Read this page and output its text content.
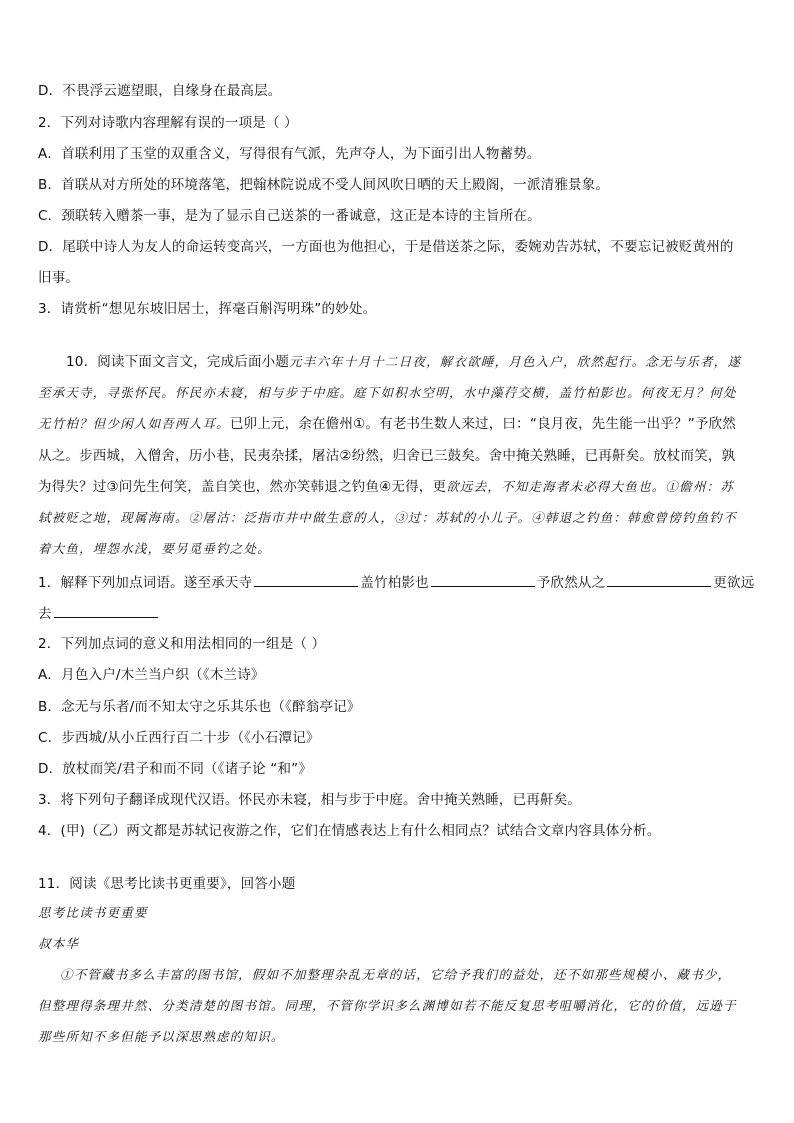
D．不畏浮云遮望眼，自缘身在最高层。
2．下列对诗歌内容理解有误的一项是（ ）
A．首联利用了玉堂的双重含义，写得很有气派，先声夺人，为下面引出人物蓄势。
B．首联从对方所处的环境落笔，把翰林院说成不受人间风吹日晒的天上殿阁，一派清雅景象。
C．颈联转入赠茶一事，是为了显示自己送茶的一番诚意，这正是本诗的主旨所在。
D．尾联中诗人为友人的命运转变高兴，一方面也为他担心，于是借送茶之际，委婉劝告苏轼，不要忘记被贬黄州的
旧事。
3．请赏析“想见东坡旧居士，挥毫百斛泻明珠”的妙处。
10．阅读下面文言文，完成后面小题元丰六年十月十二日夜，解衣欲睡，月色入户，欣然起行。念无与乐者，遂
至承天寺，寻张怀民。怀民亦未寝，相与步于中庭。庭下如积水空明，水中藻荇交横，盖竹柏影也。何夜无月？何处
无竹柏？但少闲人如吾两人耳。已卯上元，余在儋州①。有老书生数人来过，曰：“良月夜，先生能一出乎？”予欣然
从之。步西城，入僧舍，历小巷，民夷杂揉，屠沽②纷然，归舍已三鼓矣。舍中掩关熟睡，已再鼾矣。放杖而笑，孰
为得失？过③问先生何笑，盖自笑也，然亦笑韩退之钓鱼④无得，更欲远去，不知走海者未必得大鱼也。①儋州：苏
轼被贬之地，现属海南。②屠沽：泛指市井中做生意的人，③过：苏轼的小儿子。④韩退之钓鱼：韩愈曾傍钓鱼钓不
着大鱼，埋怨水浅，要另觅垂钓之处。
1．解释下列加点词语。遂至承天寺	盖竹柏影也	予欣然从之	更欲远
去
2．下列加点词的意义和用法相同的一组是（ ）
A．月色入户/木兰当户织（《木兰诗》
B．念无与乐者/而不知太守之乐其乐也（《醉翁亭记》
C．步西城/从小丘西行百二十步（《小石潭记》
D．放杖而笑/君子和而不同（《诸子论 “和”》
3．将下列句子翻译成现代汉语。怀民亦未寝，相与步于中庭。舍中掩关熟睡，已再鼾矣。
4．(甲)（乙）两文都是苏轼记夜游之作，它们在情感表达上有什么相同点？试结合文章内容具体分析。
11．阅读《思考比读书更重要》，回答小题
思考比读书更重要
叔本华
①不管藏书多么丰富的图书馆，假如不加整理杂乱无章的话，它给予我们的益处，还不如那些规模小、藏书少，
但整理得条理井然、分类清楚的图书馆。同理，不管你学识多么渊博如若不能反复思考咀嚼消化，它的价值，远逊于
那些所知不多但能予以深思熟虑的知识。
